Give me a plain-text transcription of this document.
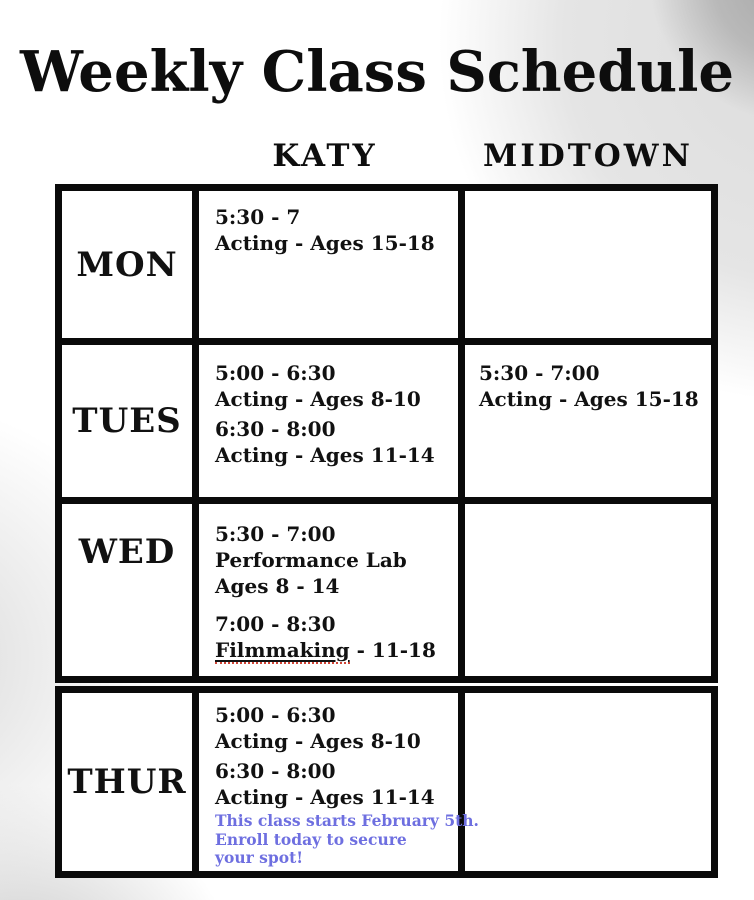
Weekly Class Schedule
KATY	MIDTOWN
MON
5:30 - 7
Acting - Ages 15-18
TUES
5:00 - 6:30
Acting - Ages 8-10
6:30 - 8:00
Acting - Ages 11-14
5:30 - 7:00
Acting - Ages 15-18
WED	5:30 - 7:00
Performance Lab
Ages 8 - 14
7:00 - 8:30
Filmmaking - 11-18
THUR
5:00 - 6:30
Acting - Ages 8-10
6:30 - 8:00
Acting - Ages 11-14
This class starts February 5th.
Enroll today to secure
your spot!
